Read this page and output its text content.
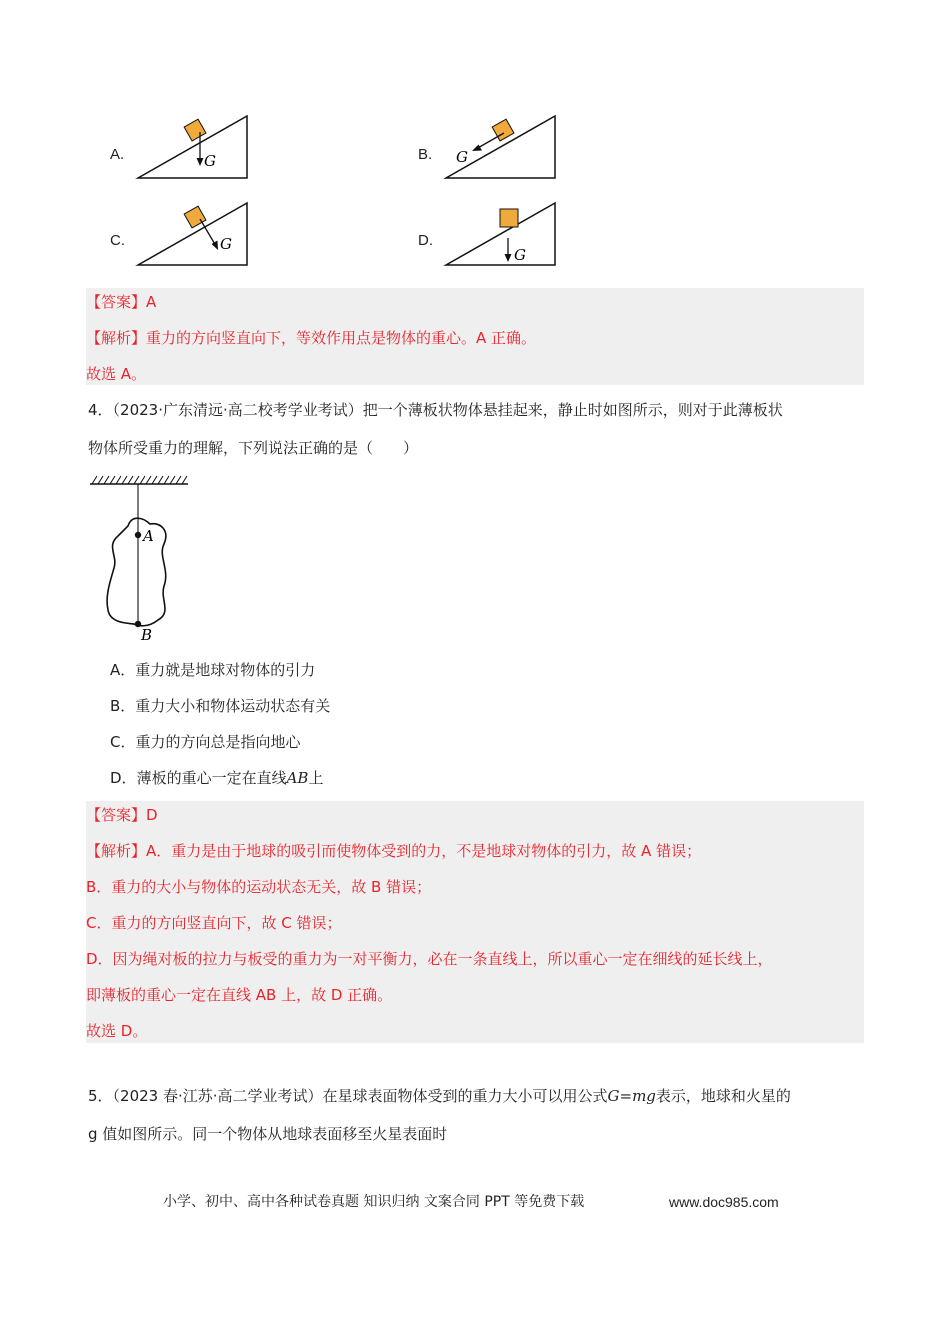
A.	G	B. G
C.	G	D.
G
【答案】A
【解析】重力的方向竖直向下，等效作用点是物体的重心。A 正确。
故选 A。
4．（2023·广东清远·高二校考学业考试）把一个薄板状物体悬挂起来，静止时如图所示，则对于此薄板状
物体所受重力的理解，下列说法正确的是（　　）
A
B
A．重力就是地球对物体的引力
B．重力大小和物体运动状态有关
C．重力的方向总是指向地心
D．薄板的重心一定在直线AB上
【答案】D
【解析】A．重力是由于地球的吸引而使物体受到的力，不是地球对物体的引力，故 A 错误；
B．重力的大小与物体的运动状态无关，故 B 错误；
C．重力的方向竖直向下，故 C 错误；
D．因为绳对板的拉力与板受的重力为一对平衡力，必在一条直线上，所以重心一定在细线的延长线上，
即薄板的重心一定在直线 AB 上，故 D 正确。
故选 D。
5．（2023 春·江苏·高二学业考试）在星球表面物体受到的重力大小可以用公式G=mg表示，地球和火星的
g 值如图所示。同一个物体从地球表面移至火星表面时
小学、初中、高中各种试卷真题 知识归纳 文案合同 PPT 等免费下载	www.doc985.com
